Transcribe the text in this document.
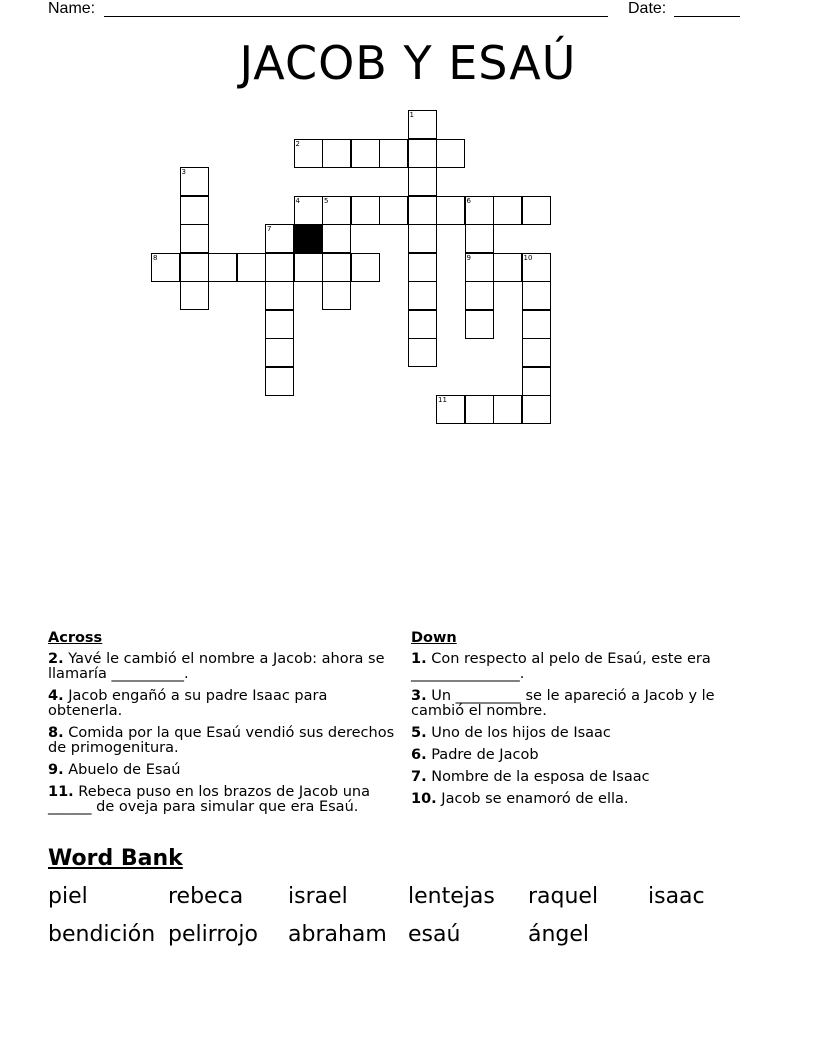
Name:	Date:
JACOB Y ESAÚ
1
2
3
4	5	6
7
8	9	10
11
Across
2. Yavé le cambió el nombre a Jacob: ahora se llamaría __________.
4. Jacob engañó a su padre Isaac para obtenerla.
8. Comida por la que Esaú vendió sus derechos de primogenitura.
9. Abuelo de Esaú
11. Rebeca puso en los brazos de Jacob una ______ de oveja para simular que era Esaú.
Down
1. Con respecto al pelo de Esaú, este era _______________.
3. Un _________ se le apareció a Jacob y le cambió el nombre.
5. Uno de los hijos de Isaac
6. Padre de Jacob
7. Nombre de la esposa de Isaac
10. Jacob se enamoró de ella.
Word Bank
piel	rebeca israel	lentejas raquel isaac
bendición pelirrojo abraham esaú	ángel
